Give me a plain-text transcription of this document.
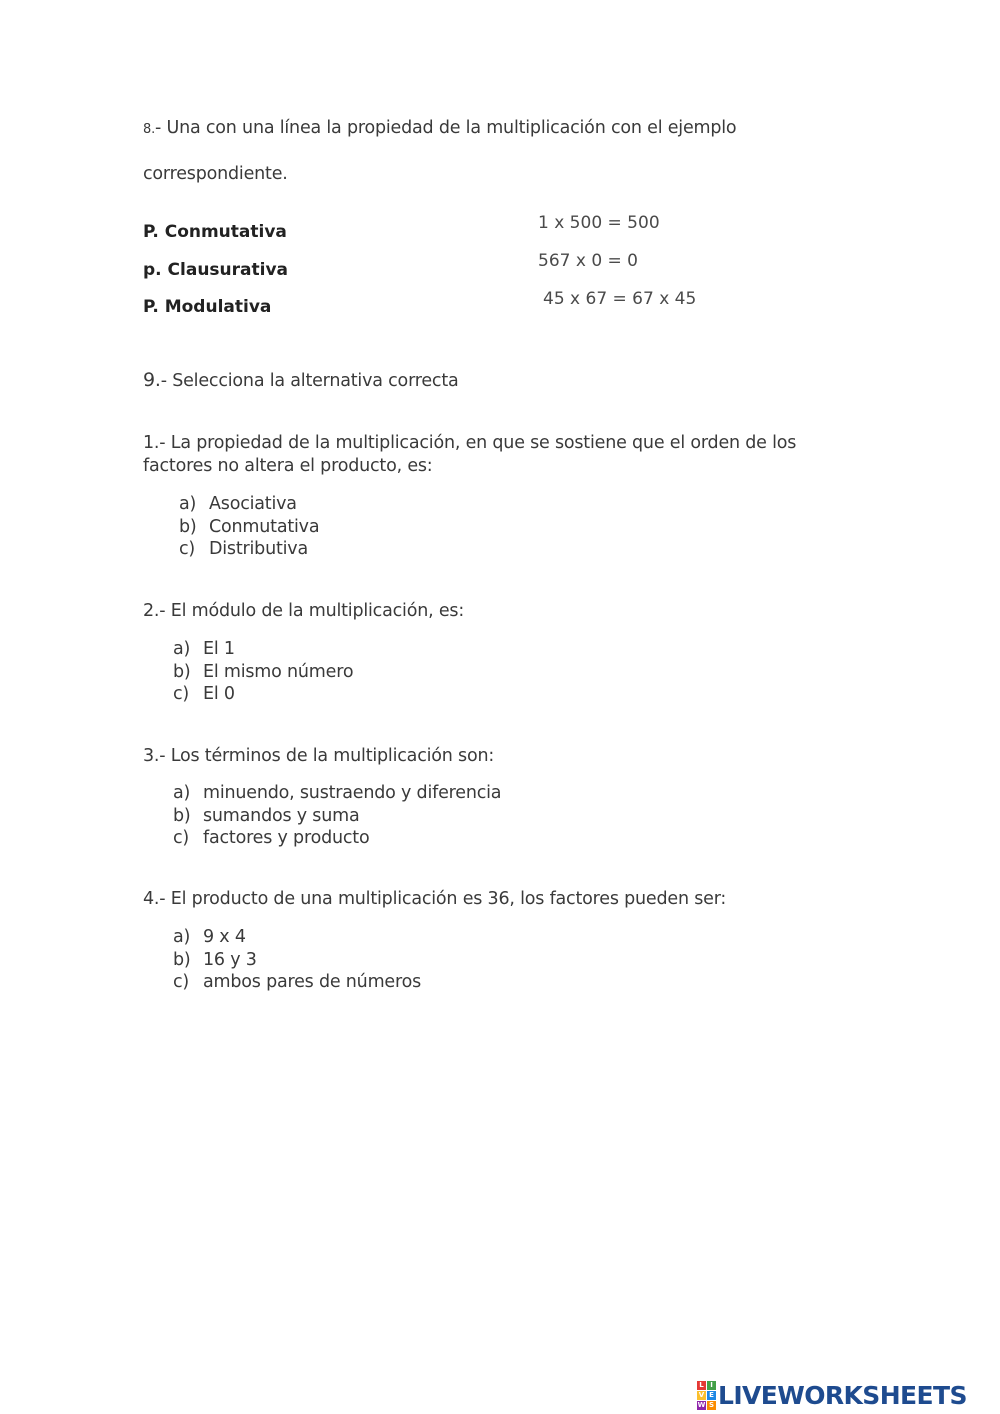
8.- Una con una línea la propiedad de la multiplicación con el ejemplo
correspondiente.
P. Conmutativa
p. Clausurativa
P. Modulativa
1 x 500 = 500
567 x 0 = 0
45 x 67 = 67 x 45
9.- Selecciona la alternativa correcta
1.- La propiedad de la multiplicación, en que se sostiene que el orden de los
factores no altera el producto, es:
a) Asociativa
b) Conmutativa
c) Distributiva
2.- El módulo de la multiplicación, es:
a) El 1
b) El mismo número
c) El 0
3.- Los términos de la multiplicación son:
a) minuendo, sustraendo y diferencia
b) sumandos y suma
c) factores y producto
4.- El producto de una multiplicación es 36, los factores pueden ser:
a) 9 x 4
b) 16 y 3
c) ambos pares de números
L I
V E
W S LIVEWORKSHEETS
